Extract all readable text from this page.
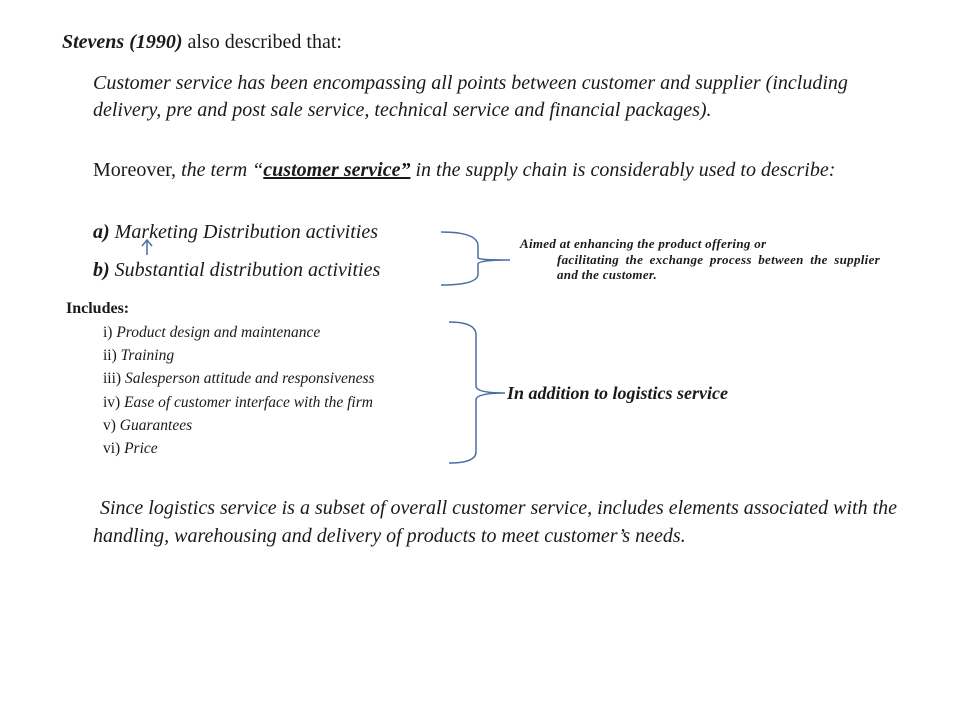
Stevens (1990) also described that:
Customer service has been encompassing all points between customer and supplier (including delivery, pre and post sale service, technical service and financial packages).
Moreover, the term “customer service” in the supply chain is considerably used to describe:
a) Marketing Distribution activities
b) Substantial distribution activities
Aimed at enhancing the product offering or
facilitating the exchange process between the supplier and the customer.
Includes:
i) Product design and maintenance
ii) Training
iii) Salesperson attitude and responsiveness
iv) Ease of customer interface with the firm
v) Guarantees
vi) Price
In addition to logistics service
Since logistics service is a subset of overall customer service, includes elements associated with the handling, warehousing and delivery of products to meet customer’s needs.
